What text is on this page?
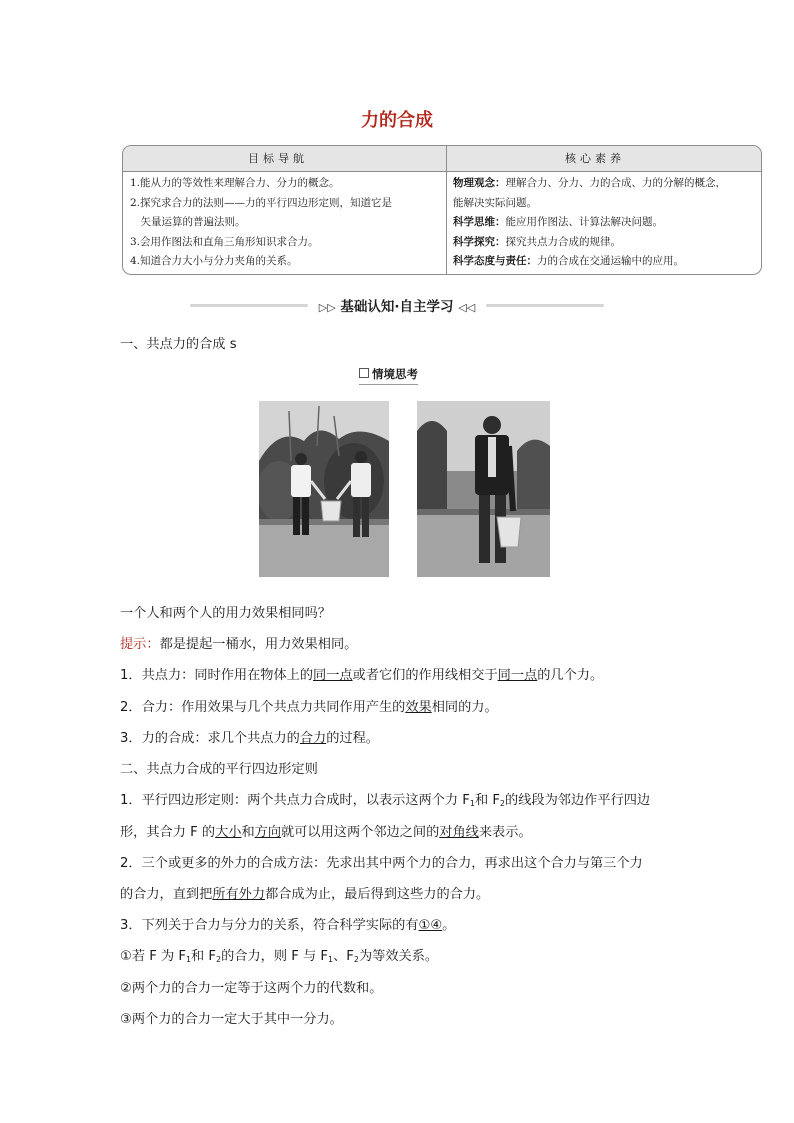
力的合成
目标导航	核心素养
1.能从力的等效性来理解合力、分力的概念。
2.探究求合力的法则——力的平行四边形定则，知道它是
　矢量运算的普遍法则。
3.会用作图法和直角三角形知识求合力。
4.知道合力大小与分力夹角的关系。
物理观念：理解合力、分力、力的合成、力的分解的概念，
能解决实际问题。
科学思维：能应用作图法、计算法解决问题。
科学探究：探究共点力合成的规律。
科学态度与责任：力的合成在交通运输中的应用。
▷▷ 基础认知·自主学习 ◁◁
一、共点力的合成 s
情境思考
一个人和两个人的用力效果相同吗？
提示：都是提起一桶水，用力效果相同。
1．共点力：同时作用在物体上的同一点或者它们的作用线相交于同一点的几个力。
2．合力：作用效果与几个共点力共同作用产生的效果相同的力。
3．力的合成：求几个共点力的合力的过程。
二、共点力合成的平行四边形定则
1．平行四边形定则：两个共点力合成时，以表示这两个力 $F_1$和 $F_2$的线段为邻边作平行四边
形，其合力 F 的大小和方向就可以用这两个邻边之间的对角线来表示。
2．三个或更多的外力的合成方法：先求出其中两个力的合力，再求出这个合力与第三个力
的合力，直到把所有外力都合成为止，最后得到这些力的合力。
3．下列关于合力与分力的关系，符合科学实际的有①④。
①若 F 为 $F_1$和 $F_2$的合力，则 F 与 $F_1$、$F_2$为等效关系。
②两个力的合力一定等于这两个力的代数和。
③两个力的合力一定大于其中一分力。
